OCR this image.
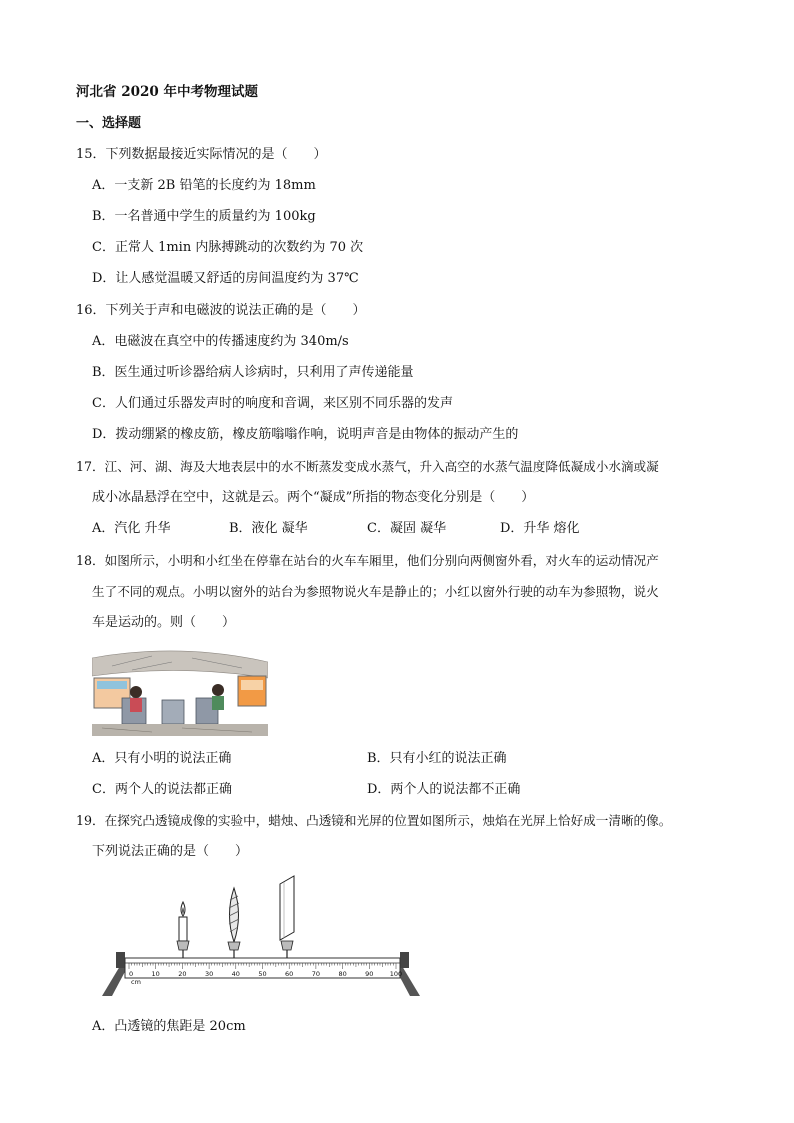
河北省 2020 年中考物理试题
一、选择题
15．下列数据最接近实际情况的是（　　）
A．一支新 2B 铅笔的长度约为 18mm
B．一名普通中学生的质量约为 100kg
C．正常人 1min 内脉搏跳动的次数约为 70 次
D．让人感觉温暖又舒适的房间温度约为 37℃
16．下列关于声和电磁波的说法正确的是（　　）
A．电磁波在真空中的传播速度约为 340m/s
B．医生通过听诊器给病人诊病时，只利用了声传递能量
C．人们通过乐器发声时的响度和音调，来区别不同乐器的发声
D．拨动绷紧的橡皮筋，橡皮筋嗡嗡作响，说明声音是由物体的振动产生的
17．江、河、湖、海及大地表层中的水不断蒸发变成水蒸气，升入高空的水蒸气温度降低凝成小水滴或凝
成小冰晶悬浮在空中，这就是云。两个“凝成”所指的物态变化分别是（　　）
A．汽化 升华	B．液化 凝华	C．凝固 凝华	D．升华 熔化
18．如图所示，小明和小红坐在停靠在站台的火车车厢里，他们分别向两侧窗外看，对火车的运动情况产
生了不同的观点。小明以窗外的站台为参照物说火车是静止的；小红以窗外行驶的动车为参照物，说火
车是运动的。则（　　）
A．只有小明的说法正确	B．只有小红的说法正确
C．两个人的说法都正确	D．两个人的说法都不正确
19．在探究凸透镜成像的实验中，蜡烛、凸透镜和光屏的位置如图所示，烛焰在光屏上恰好成一清晰的像。
下列说法正确的是（　　）
0	10	20	30	40	50	60	70	80	90	100
cm
A．凸透镜的焦距是 20cm
